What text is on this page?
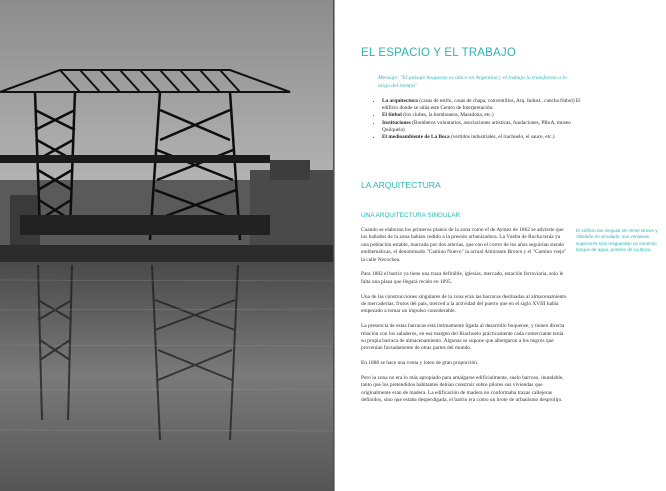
EL ESPACIO Y EL TRABAJO
Mensaje: "El paisaje boquense es único en Argentina y el trabajo lo transformó a lo largo del tiempo"
• La arquitectura (casas de estilo, casas de chapa, conventillos, Arq. Indust., cancha fútbol) El edificio donde se sitúa este Centro de Interpretación.
• El fútbol (los clubes, la bombonera, Maradona, etc.)
• Instituciones (Bomberos voluntarios, asociaciones artísticas, fundaciones, PRoA, museo Quilquela)
• El medioambiente de La Boca (vertidos industriales, el riachuelo, el sauce, etc.)
LA ARQUITECTURA
UNA ARQUITECTURA SINGULAR

Cuando se elaboran los primeros planos de la zona como el de Aymez de 1862 se advierte que los bañados de la zona habían cedido a la presión urbanizadora. La Vuelta de Rocha tenía ya una población estable, marcada por dos arterias, que con el correr de los años seguirían siendo emblemáticas, el denominado "Camino Nuevo" la actual Almirante Brown y el "Camino viejo" la calle Necochea.

Para 1882 el barrio ya tiene una traza definible, iglesias, mercado, estación ferroviaria, solo le falta una plaza que llegará recién en 1895.

Una de las construcciones singulares de la zona eran las barracas destinadas al almacenamiento de mercaderías, frutos del país, merced a la actividad del puerto que en el siglo XVIII había empezado a tomar un impulso considerable.

La presencia de estas barracas está íntimamente ligada al desarrollo boquense, y tienen directa relación con los saladeros, en esa margen del Riachuelo prácticamente cada comerciante tenía su propia barraca de almacenamiento. Algunas se supone que albergaron a los negros que provenían forzadamente de otras partes del mundo.

En 1888 se hace una venta y loteo de gran proporción.

Pero la zona no era lo más apropiado para amalgarse edificialmente, suelo barroso, inundable, tanto que los pretendidos habitantes debían construir sobre pilotes sus viviendas que originalmente eran de madera. La edificación de madera no conformaba trazas callejeras definidos, sino que estaba desperdigada, el barrio era como un brote de urbanismo desprolijo.

El edificio tan singular de Almte Brown y Villafañe es simulado, sus ventanas superiores solo resguardan un inmenso tanque de agua, primero de La Boca.
